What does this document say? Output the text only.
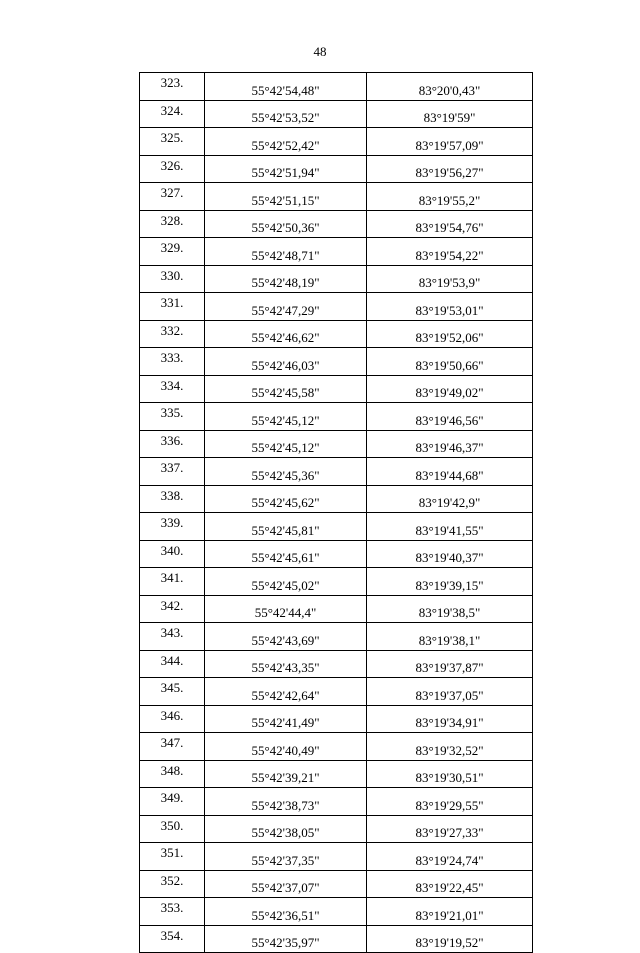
48
323.	55°42'54,48"	83°20'0,43"
324.	55°42'53,52"	83°19'59"
325.	55°42'52,42"	83°19'57,09"
326.	55°42'51,94"	83°19'56,27"
327.	55°42'51,15"	83°19'55,2"
328.	55°42'50,36"	83°19'54,76"
329.	55°42'48,71"	83°19'54,22"
330.	55°42'48,19"	83°19'53,9"
331.	55°42'47,29"	83°19'53,01"
332.	55°42'46,62"	83°19'52,06"
333.	55°42'46,03"	83°19'50,66"
334.	55°42'45,58"	83°19'49,02"
335.	55°42'45,12"	83°19'46,56"
336.	55°42'45,12"	83°19'46,37"
337.	55°42'45,36"	83°19'44,68"
338.	55°42'45,62"	83°19'42,9"
339.	55°42'45,81"	83°19'41,55"
340.	55°42'45,61"	83°19'40,37"
341.	55°42'45,02"	83°19'39,15"
342.	55°42'44,4"	83°19'38,5"
343.	55°42'43,69"	83°19'38,1"
344.	55°42'43,35"	83°19'37,87"
345.	55°42'42,64"	83°19'37,05"
346.	55°42'41,49"	83°19'34,91"
347.	55°42'40,49"	83°19'32,52"
348.	55°42'39,21"	83°19'30,51"
349.	55°42'38,73"	83°19'29,55"
350.	55°42'38,05"	83°19'27,33"
351.	55°42'37,35"	83°19'24,74"
352.	55°42'37,07"	83°19'22,45"
353.	55°42'36,51"	83°19'21,01"
354.	55°42'35,97"	83°19'19,52"
